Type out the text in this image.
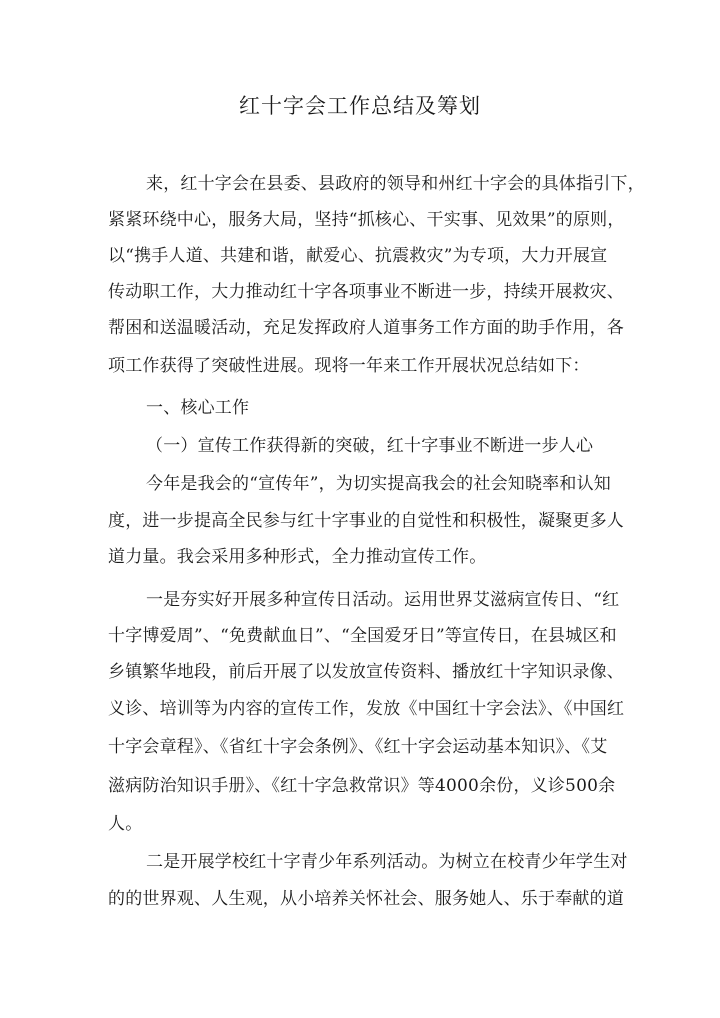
红十字会工作总结及筹划
来，红十字会在县委、县政府的领导和州红十字会的具体指引下，
紧紧环绕中心，服务大局，坚持“抓核心、干实事、见效果”的原则，
以“携手人道、共建和谐，献爱心、抗震救灾”为专项，大力开展宣
传动职工作，大力推动红十字各项事业不断进一步，持续开展救灾、
帮困和送温暖活动，充足发挥政府人道事务工作方面的助手作用，各
项工作获得了突破性进展。现将一年来工作开展状况总结如下：
一、核心工作
（一）宣传工作获得新的突破，红十字事业不断进一步人心
今年是我会的“宣传年”，为切实提高我会的社会知晓率和认知
度，进一步提高全民参与红十字事业的自觉性和积极性，凝聚更多人
道力量。我会采用多种形式，全力推动宣传工作。
一是夯实好开展多种宣传日活动。运用世界艾滋病宣传日、“红
十字博爱周”、“免费献血日”、“全国爱牙日”等宣传日，在县城区和
乡镇繁华地段，前后开展了以发放宣传资料、播放红十字知识录像、
义诊、培训等为内容的宣传工作，发放《中国红十字会法》、《中国红
十字会章程》、《省红十字会条例》、《红十字会运动基本知识》、《艾
滋病防治知识手册》、《红十字急救常识》等4000余份，义诊500余
人。
二是开展学校红十字青少年系列活动。为树立在校青少年学生对
的的世界观、人生观，从小培养关怀社会、服务她人、乐于奉献的道
